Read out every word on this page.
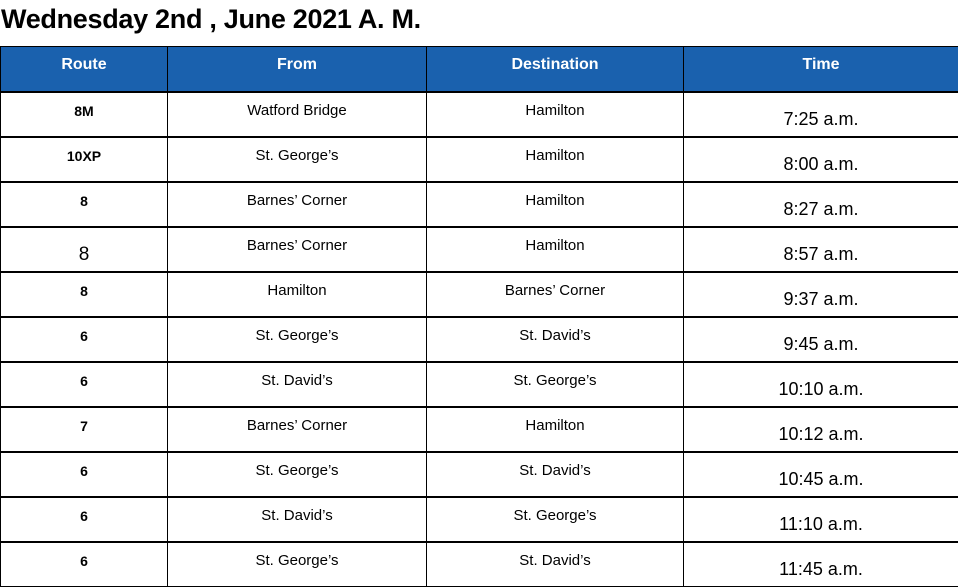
Wednesday 2nd , June 2021 A. M.
Route	From	Destination	Time
8M	Watford Bridge	Hamilton	7:25 a.m.
10XP	St. George’s	Hamilton	8:00 a.m.
8	Barnes’ Corner	Hamilton	8:27 a.m.
8	Barnes’ Corner	Hamilton	8:57 a.m.
8	Hamilton	Barnes’ Corner	9:37 a.m.
6	St. George’s	St. David’s	9:45 a.m.
6	St. David’s	St. George’s	10:10 a.m.
7	Barnes’ Corner	Hamilton	10:12 a.m.
6	St. George’s	St. David’s	10:45 a.m.
6	St. David’s	St. George’s	11:10 a.m.
6	St. George’s	St. David’s	11:45 a.m.
